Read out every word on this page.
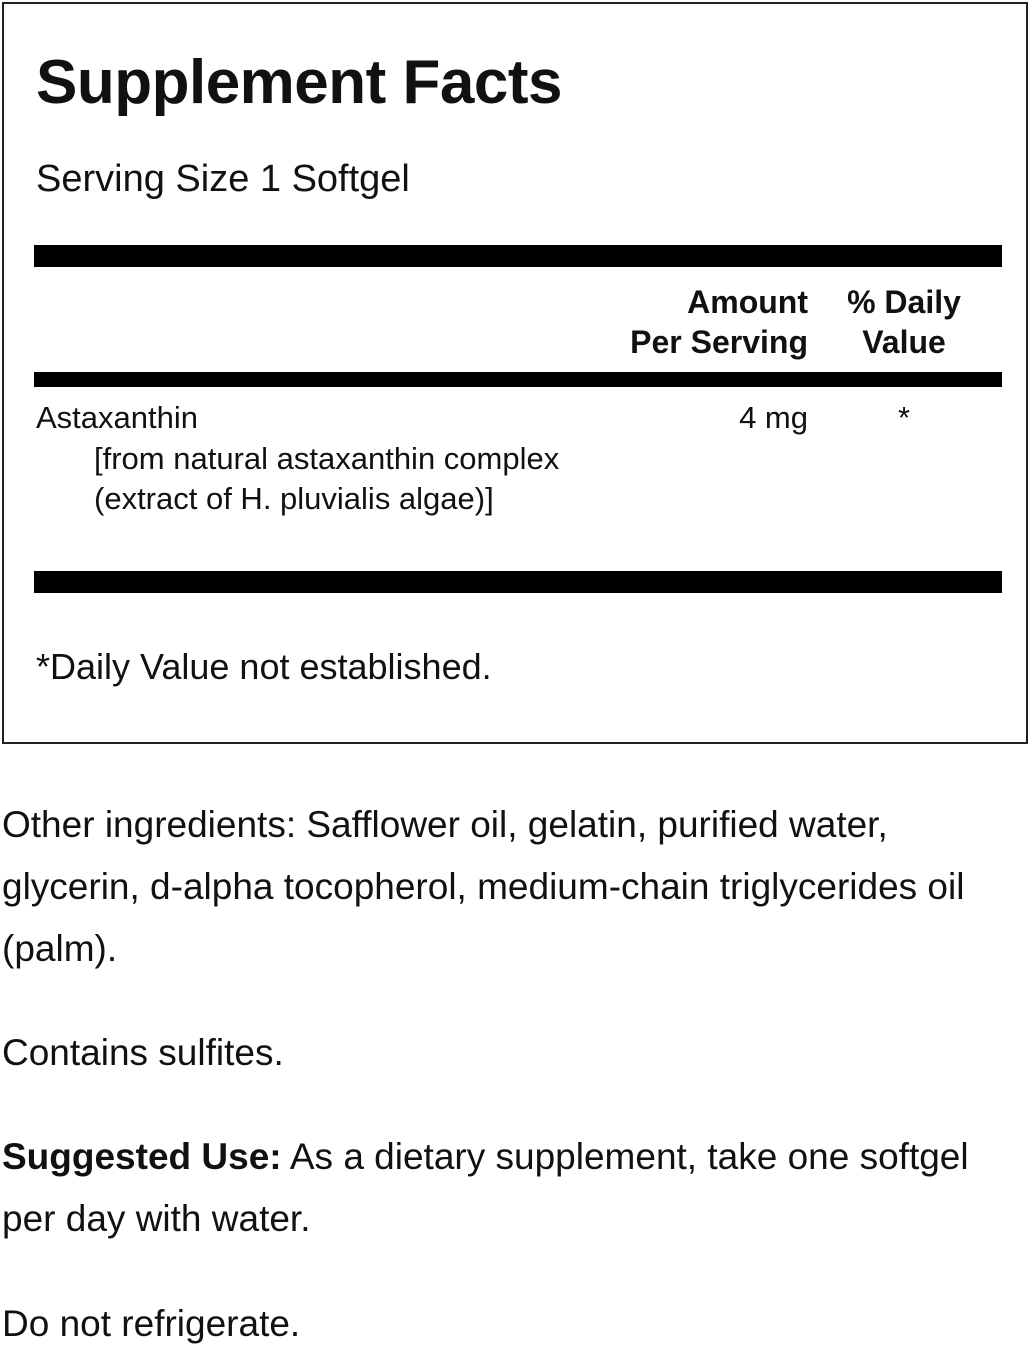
Supplement Facts
Serving Size 1 Softgel
Amount
Per Serving
% Daily
Value
Astaxanthin
[from natural astaxanthin complex (extract of H. pluvialis algae)]
4 mg	*
*Daily Value not established.
Other ingredients: Safflower oil, gelatin, purified water, glycerin, d-alpha tocopherol, medium-chain triglycerides oil (palm).
Contains sulfites.
Suggested Use: As a dietary supplement, take one softgel per day with water.
Do not refrigerate.
